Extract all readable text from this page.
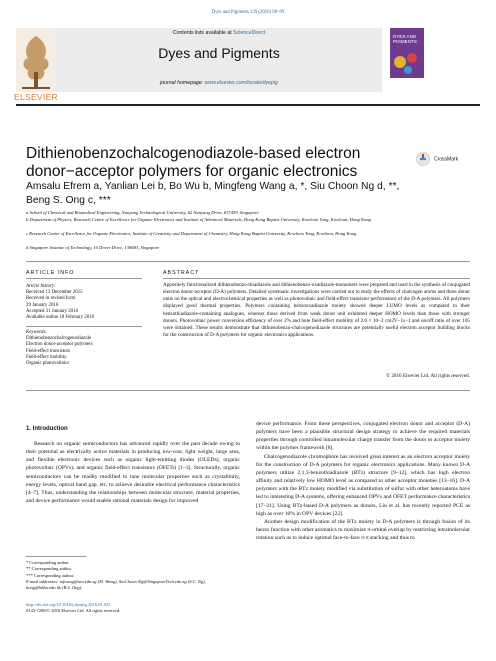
Dyes and Pigments 129 (2016) 90–99
ELSEVIER
Contents lists available at ScienceDirect
Dyes and Pigments
journal homepage: www.elsevier.com/locate/dyepig
DYES AND PIGMENTS
Dithienobenzochalcogenodiazole-based electron donor−acceptor polymers for organic electronics
CrossMark
Amsalu Efrem a, Yanlian Lei b, Bo Wu b, Mingfeng Wang a, *, Siu Choon Ng d, **,
Beng S. Ong c, ***
a School of Chemical and Biomedical Engineering, Nanyang Technological University, 62 Nanyang Drive, 637459, Singapore
b Department of Physics, Research Centre of Excellence for Organic Electronics and Institute of Advanced Materials, Hong Kong Baptist University, Kowloon Tong, Kowloon, Hong Kong
c Research Centre of Excellence for Organic Electronics, Institute of Creativity and Department of Chemistry, Hong Kong Baptist University, Kowloon Tong, Kowloon, Hong Kong
d Singapore Institute of Technology, 10 Dover Drive, 138683, Singapore
ARTICLE INFO
Article history:
Received 13 December 2015
Received in revised form
29 January 2016
Accepted 31 January 2016
Available online 18 February 2016
Keywords:
Dithienobenzochalcogenodiazole
Electron donor-acceptor polymers
Field-effect transistors
Field-effect mobility
Organic photovoltaics
ABSTRACT
Appositely functionalized dithienobenzo-thiadiazole and dithienobenzo-oxadiazole-monomers were prepared and used in the synthesis of conjugated electron donor-acceptor (D-A) polymers. Detailed systematic investigations were carried out to study the effects of chalcogen atoms and three donor units on the optical and electrochemical properties as well as photovoltaic and field-effect transistor performance of the D-A polymers. All polymers displayed good thermal properties. Polymers containing benzooxadiazole moiety showed deeper LUMO levels as compared to their benzothiadiazole-containing analogues, whereas those derived from weak donor unit exhibited deeper HOMO levels than those with stronger donors. Photovoltaic power conversion efficiency of over 2% and hole field-effect mobility of 2.6 × 10−2 cm2V−1s−1 and on/off ratio of over 105 were obtained. These results demonstrate that dithienobenzo-chalcogenodiazole structures are potentially useful electron acceptor building blocks for the construction of D-A polymers for organic electronics applications.
© 2016 Elsevier Ltd. All rights reserved.
1. Introduction

Research on organic semiconductors has advanced rapidly over the past decade owing to their potential as electrically active materials in producing low-cost, light weight, large area, and flexible electronic devices such as organic light-emitting diodes (OLEDs), organic photovoltaic (OPVs), and organic field-effect transistors (OFETs) [1–3]. Structurally, organic semiconductors can be readily modified to tune molecular properties such as crystallinity, energy levels, optical band gap, etc, to achieve desirable electrical performance characteristics [4–7]. Thus, understanding the relationships between molecular structure, material properties, and device performance would enable rational materials design for improved

device performance. From these perspectives, conjugated electron donor and acceptor (D-A) polymers have been a plausible structural design strategy to achieve the required materials properties through controlled intramolecular charge transfer from the donor to acceptor moiety within the polymer framework [8].

Chalcogenodiazole chromophore has received great interest as an electron acceptor moiety for the construction of D-A polymers for organic electronics applications. Many known D-A polymers utilize 2,1,3-benzothiadiazole (BTz) structure [9–12], which has high electron affinity and relatively low HOMO level as compared to other acceptor moieties [13–16]. D-A polymers with the BTz moiety modified via substitution of sulfur with other heteroatoms have led to interesting D-A systems, offering enhanced OPVs and OFET performance characteristics [17–21]. Using BTz-based D-A polymers as donors, Liu et al. has recently reported PCE as high as over 10% in OPV devices [22].

Another design modification of the BTz moiety in D-A polymers is through fusion of its benzo function with other aromatics to maximize π-orbital overlap by restricting intramolecular rotation such as to induce optimal face-to-face π-π stacking and thus to

* Corresponding author.
** Corresponding author.
*** Corresponding author.
E-mail addresses: mfwang@ntu.edu.sg (M. Wang), SiuChoon.Ng@SingaporeTech.edu.sg (S.C. Ng), bong@hkbu.edu.hk (B.S. Ong).
http://dx.doi.org/10.1016/j.dyepig.2016.01.035
0143-7208/© 2016 Elsevier Ltd. All rights reserved.
